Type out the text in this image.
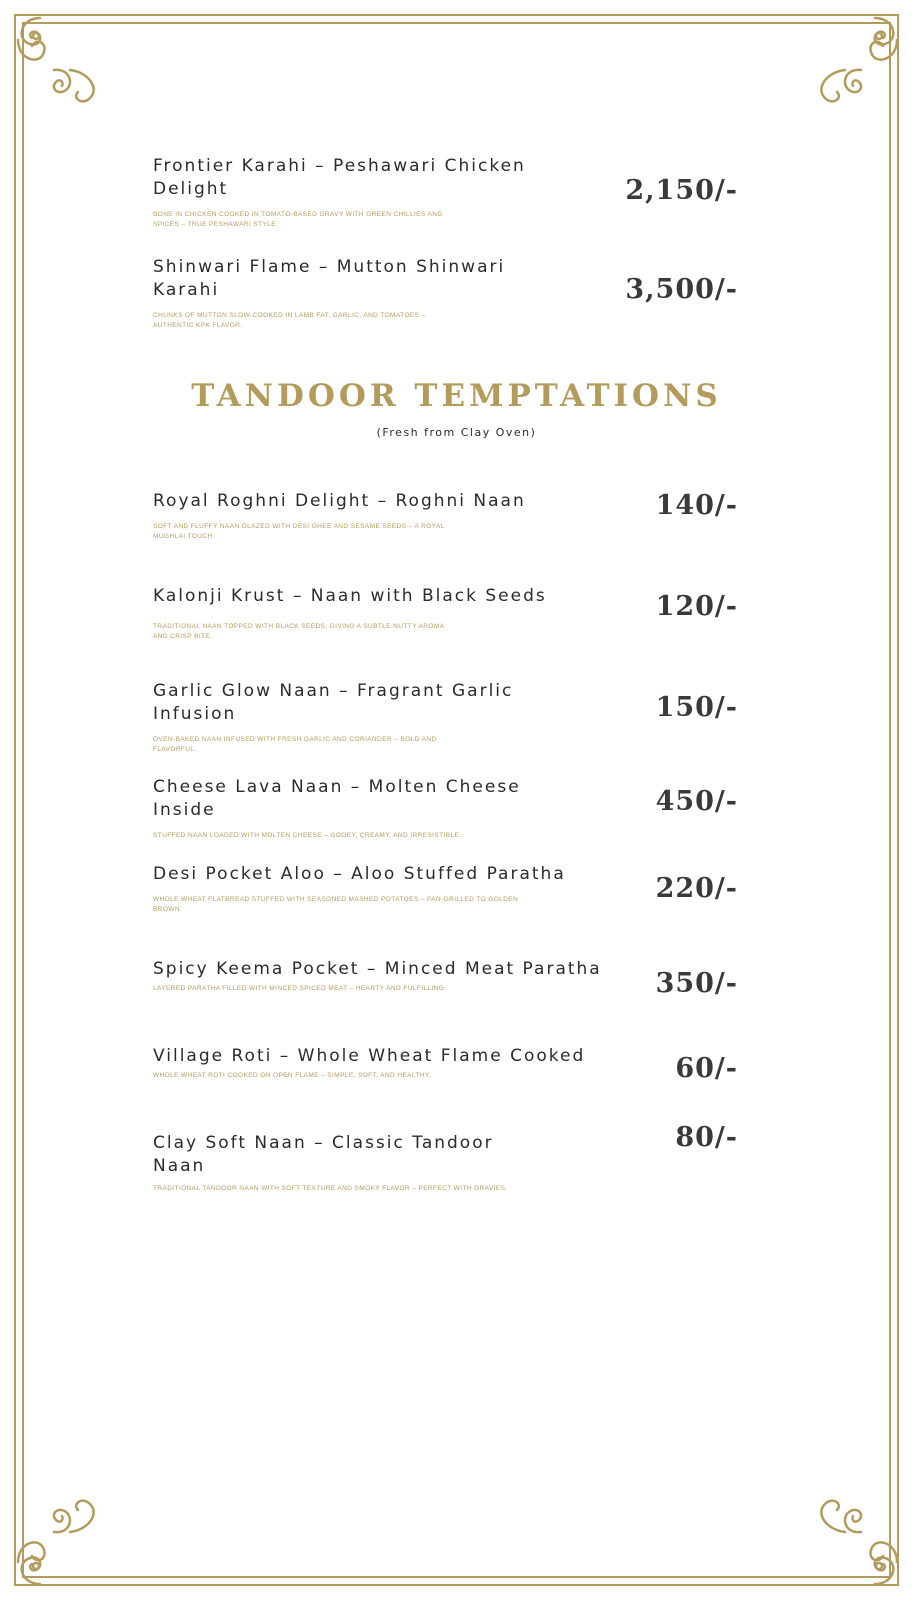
Frontier Karahi – Peshawari Chicken Delight
BONE IN CHICKEN COOKED IN TOMATO-BASED GRAVY WITH GREEN CHILLIES AND SPICES – TRUE PESHAWARI STYLE.
2,150/-
Shinwari Flame – Mutton Shinwari Karahi
CHUNKS OF MUTTON SLOW-COOKED IN LAMB FAT, GARLIC, AND TOMATOES – AUTHENTIC KPK FLAVOR.
3,500/-
TANDOOR TEMPTATIONS
(Fresh from Clay Oven)
Royal Roghni Delight – Roghni Naan
SOFT AND FLUFFY NAAN GLAZED WITH DESI GHEE AND SESAME SEEDS – A ROYAL MUGHLAI TOUCH.
140/-
Kalonji Krust – Naan with Black Seeds
TRADITIONAL NAAN TOPPED WITH BLACK SEEDS, GIVING A SUBTLE NUTTY AROMA AND CRISP BITE.
120/-
Garlic Glow Naan – Fragrant Garlic Infusion
OVEN-BAKED NAAN INFUSED WITH FRESH GARLIC AND CORIANDER – BOLD AND FLAVORFUL.
150/-
Cheese Lava Naan – Molten Cheese Inside
STUFFED NAAN LOADED WITH MOLTEN CHEESE – GOOEY, CREAMY, AND IRRESISTIBLE.
450/-
Desi Pocket Aloo – Aloo Stuffed Paratha
WHOLE WHEAT FLATBREAD STUFFED WITH SEASONED MASHED POTATOES – PAN-GRILLED TO GOLDEN BROWN.
220/-
Spicy Keema Pocket – Minced Meat Paratha
LAYERED PARATHA FILLED WITH MINCED SPICED MEAT – HEARTY AND FULFILLING.	350/-
Village Roti – Whole Wheat Flame Cooked
WHOLE WHEAT ROTI COOKED ON OPEN FLAME – SIMPLE, SOFT, AND HEALTHY.	60/-
Clay Soft Naan – Classic Tandoor Naan
TRADITIONAL TANDOOR NAAN WITH SOFT TEXTURE AND SMOKY FLAVOR – PERFECT WITH GRAVIES.
80/-
